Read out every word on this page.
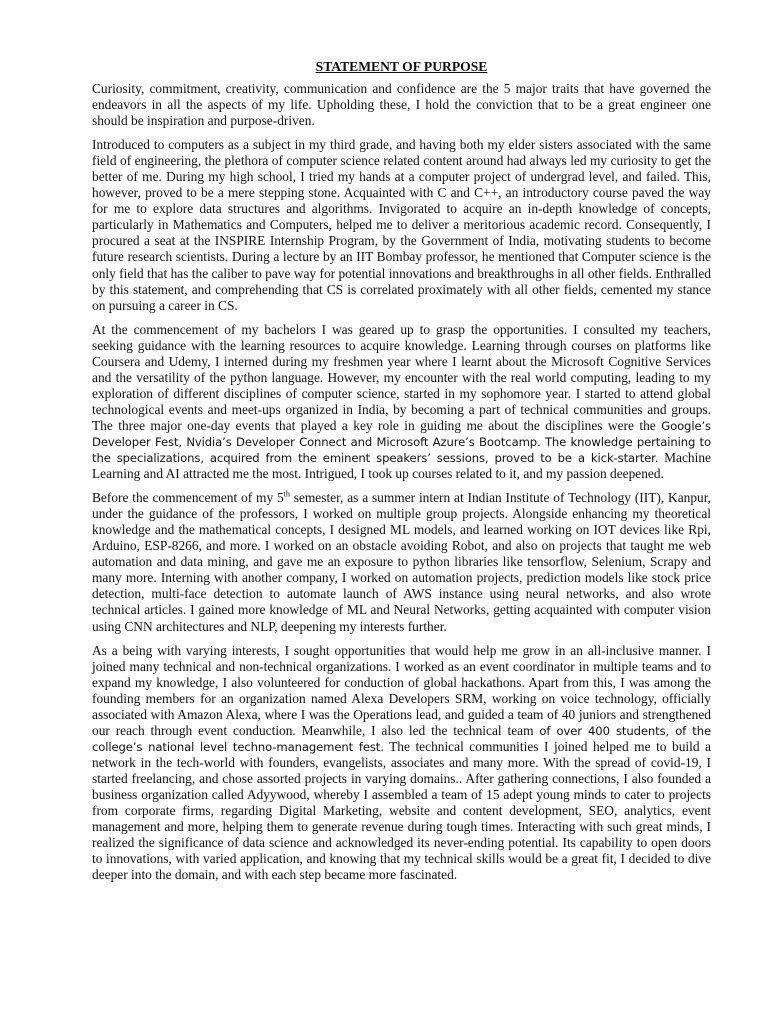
STATEMENT OF PURPOSE

Curiosity, commitment, creativity, communication and confidence are the 5 major traits that have governed the endeavors in all the aspects of my life. Upholding these, I hold the conviction that to be a great engineer one should be inspiration and purpose-driven.

Introduced to computers as a subject in my third grade, and having both my elder sisters associated with the same field of engineering, the plethora of computer science related content around had always led my curiosity to get the better of me. During my high school, I tried my hands at a computer project of undergrad level, and failed. This, however, proved to be a mere stepping stone. Acquainted with C and C++, an introductory course paved the way for me to explore data structures and algorithms. Invigorated to acquire an in-depth knowledge of concepts, particularly in Mathematics and Computers, helped me to deliver a meritorious academic record. Consequently, I procured a seat at the INSPIRE Internship Program, by the Government of India, motivating students to become future research scientists. During a lecture by an IIT Bombay professor, he mentioned that Computer science is the only field that has the caliber to pave way for potential innovations and breakthroughs in all other fields. Enthralled by this statement, and comprehending that CS is correlated proximately with all other fields, cemented my stance on pursuing a career in CS.

At the commencement of my bachelors I was geared up to grasp the opportunities. I consulted my teachers, seeking guidance with the learning resources to acquire knowledge. Learning through courses on platforms like Coursera and Udemy, I interned during my freshmen year where I learnt about the Microsoft Cognitive Services and the versatility of the python language. However, my encounter with the real world computing, leading to my exploration of different disciplines of computer science, started in my sophomore year. I started to attend global technological events and meet-ups organized in India, by becoming a part of technical communities and groups. The three major one-day events that played a key role in guiding me about the disciplines were the Google’s Developer Fest, Nvidia’s Developer Connect and Microsoft Azure’s Bootcamp. The knowledge pertaining to the specializations, acquired from the eminent speakers’ sessions, proved to be a kick-starter. Machine Learning and AI attracted me the most. Intrigued, I took up courses related to it, and my passion deepened.

Before the commencement of my 5th semester, as a summer intern at Indian Institute of Technology (IIT), Kanpur, under the guidance of the professors, I worked on multiple group projects. Alongside enhancing my theoretical knowledge and the mathematical concepts, I designed ML models, and learned working on IOT devices like Rpi, Arduino, ESP-8266, and more. I worked on an obstacle avoiding Robot, and also on projects that taught me web automation and data mining, and gave me an exposure to python libraries like tensorflow, Selenium, Scrapy and many more. Interning with another company, I worked on automation projects, prediction models like stock price detection, multi-face detection to automate launch of AWS instance using neural networks, and also wrote technical articles. I gained more knowledge of ML and Neural Networks, getting acquainted with computer vision using CNN architectures and NLP, deepening my interests further.

As a being with varying interests, I sought opportunities that would help me grow in an all-inclusive manner. I joined many technical and non-technical organizations. I worked as an event coordinator in multiple teams and to expand my knowledge, I also volunteered for conduction of global hackathons. Apart from this, I was among the founding members for an organization named Alexa Developers SRM, working on voice technology, officially associated with Amazon Alexa, where I was the Operations lead, and guided a team of 40 juniors and strengthened our reach through event conduction. Meanwhile, I also led the technical team of over 400 students, of the college’s national level techno-management fest. The technical communities I joined helped me to build a network in the tech-world with founders, evangelists, associates and many more. With the spread of covid-19, I started freelancing, and chose assorted projects in varying domains.. After gathering connections, I also founded a business organization called Adyywood, whereby I assembled a team of 15 adept young minds to cater to projects from corporate firms, regarding Digital Marketing, website and content development, SEO, analytics, event management and more, helping them to generate revenue during tough times. Interacting with such great minds, I realized the significance of data science and acknowledged its never-ending potential. Its capability to open doors to innovations, with varied application, and knowing that my technical skills would be a great fit, I decided to dive deeper into the domain, and with each step became more fascinated.
